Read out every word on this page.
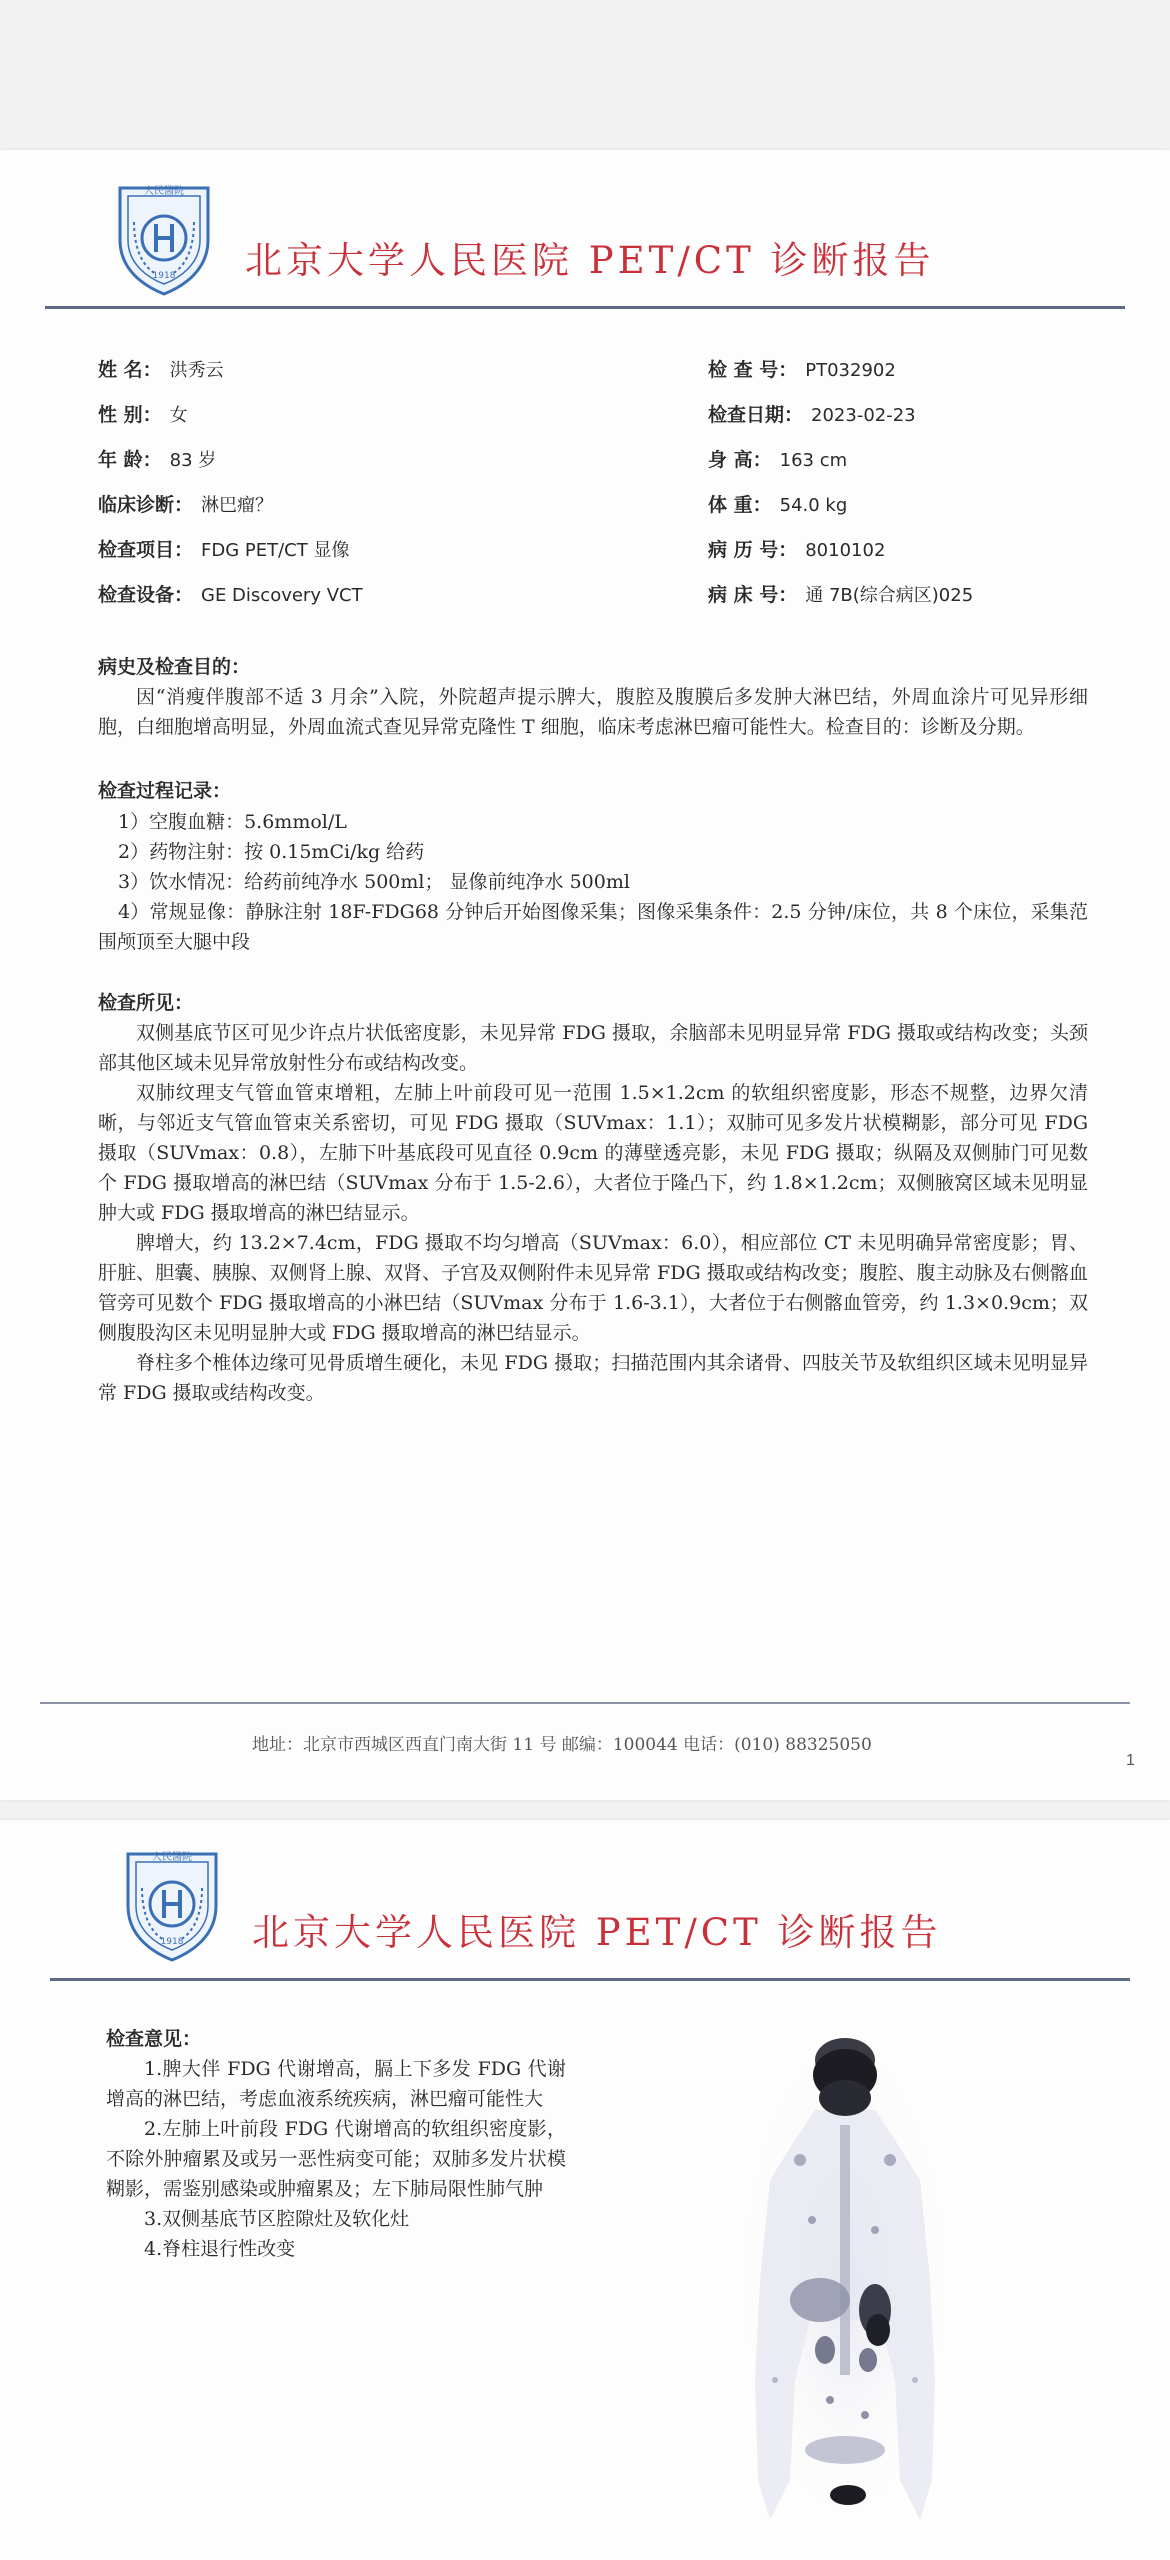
1918
人民醫院
北京大学人民医院 PET/CT 诊断报告
姓 名： 洪秀云
性 别： 女
年 龄： 83 岁
临床诊断： 淋巴瘤？
检查项目： FDG PET/CT 显像
检查设备： GE Discovery VCT
检 查 号： PT032902
检查日期： 2023-02-23
身 高： 163 cm
体 重： 54.0 kg
病 历 号： 8010102
病 床 号： 通 7B(综合病区)025
病史及检查目的：

因“消瘦伴腹部不适 3 月余”入院，外院超声提示脾大，腹腔及腹膜后多发肿大淋巴结，外周血涂片可见异形细胞，白细胞增高明显，外周血流式查见异常克隆性 T 细胞，临床考虑淋巴瘤可能性大。检查目的：诊断及分期。

检查过程记录：
1）空腹血糖：5.6mmol/L
2）药物注射：按 0.15mCi/kg 给药
3）饮水情况：给药前纯净水 500ml； 显像前纯净水 500ml

4）常规显像：静脉注射 18F-FDG68 分钟后开始图像采集；图像采集条件：2.5 分钟/床位，共 8 个床位，采集范围颅顶至大腿中段

检查所见：

双侧基底节区可见少许点片状低密度影，未见异常 FDG 摄取，余脑部未见明显异常 FDG 摄取或结构改变；头颈部其他区域未见异常放射性分布或结构改变。

双肺纹理支气管血管束增粗，左肺上叶前段可见一范围 1.5×1.2cm 的软组织密度影，形态不规整，边界欠清晰，与邻近支气管血管束关系密切，可见 FDG 摄取（SUVmax：1.1）；双肺可见多发片状模糊影，部分可见 FDG 摄取（SUVmax：0.8），左肺下叶基底段可见直径 0.9cm 的薄壁透亮影，未见 FDG 摄取；纵隔及双侧肺门可见数个 FDG 摄取增高的淋巴结（SUVmax 分布于 1.5-2.6），大者位于隆凸下，约 1.8×1.2cm；双侧腋窝区域未见明显肿大或 FDG 摄取增高的淋巴结显示。

脾增大，约 13.2×7.4cm，FDG 摄取不均匀增高（SUVmax：6.0），相应部位 CT 未见明确异常密度影；胃、肝脏、胆囊、胰腺、双侧肾上腺、双肾、子宫及双侧附件未见异常 FDG 摄取或结构改变；腹腔、腹主动脉及右侧髂血管旁可见数个 FDG 摄取增高的小淋巴结（SUVmax 分布于 1.6-3.1），大者位于右侧髂血管旁，约 1.3×0.9cm；双侧腹股沟区未见明显肿大或 FDG 摄取增高的淋巴结显示。

脊柱多个椎体边缘可见骨质增生硬化，未见 FDG 摄取；扫描范围内其余诸骨、四肢关节及软组织区域未见明显异常 FDG 摄取或结构改变。

地址：北京市西城区西直门南大街 11 号 邮编：100044 电话：(010) 88325050
1
1918
人民醫院
北京大学人民医院 PET/CT 诊断报告
检查意见：

1.脾大伴 FDG 代谢增高，膈上下多发 FDG 代谢增高的淋巴结，考虑血液系统疾病，淋巴瘤可能性大

2.左肺上叶前段 FDG 代谢增高的软组织密度影，不除外肿瘤累及或另一恶性病变可能；双肺多发片状模糊影，需鉴别感染或肿瘤累及；左下肺局限性肺气肿

3.双侧基底节区腔隙灶及软化灶

4.脊柱退行性改变
